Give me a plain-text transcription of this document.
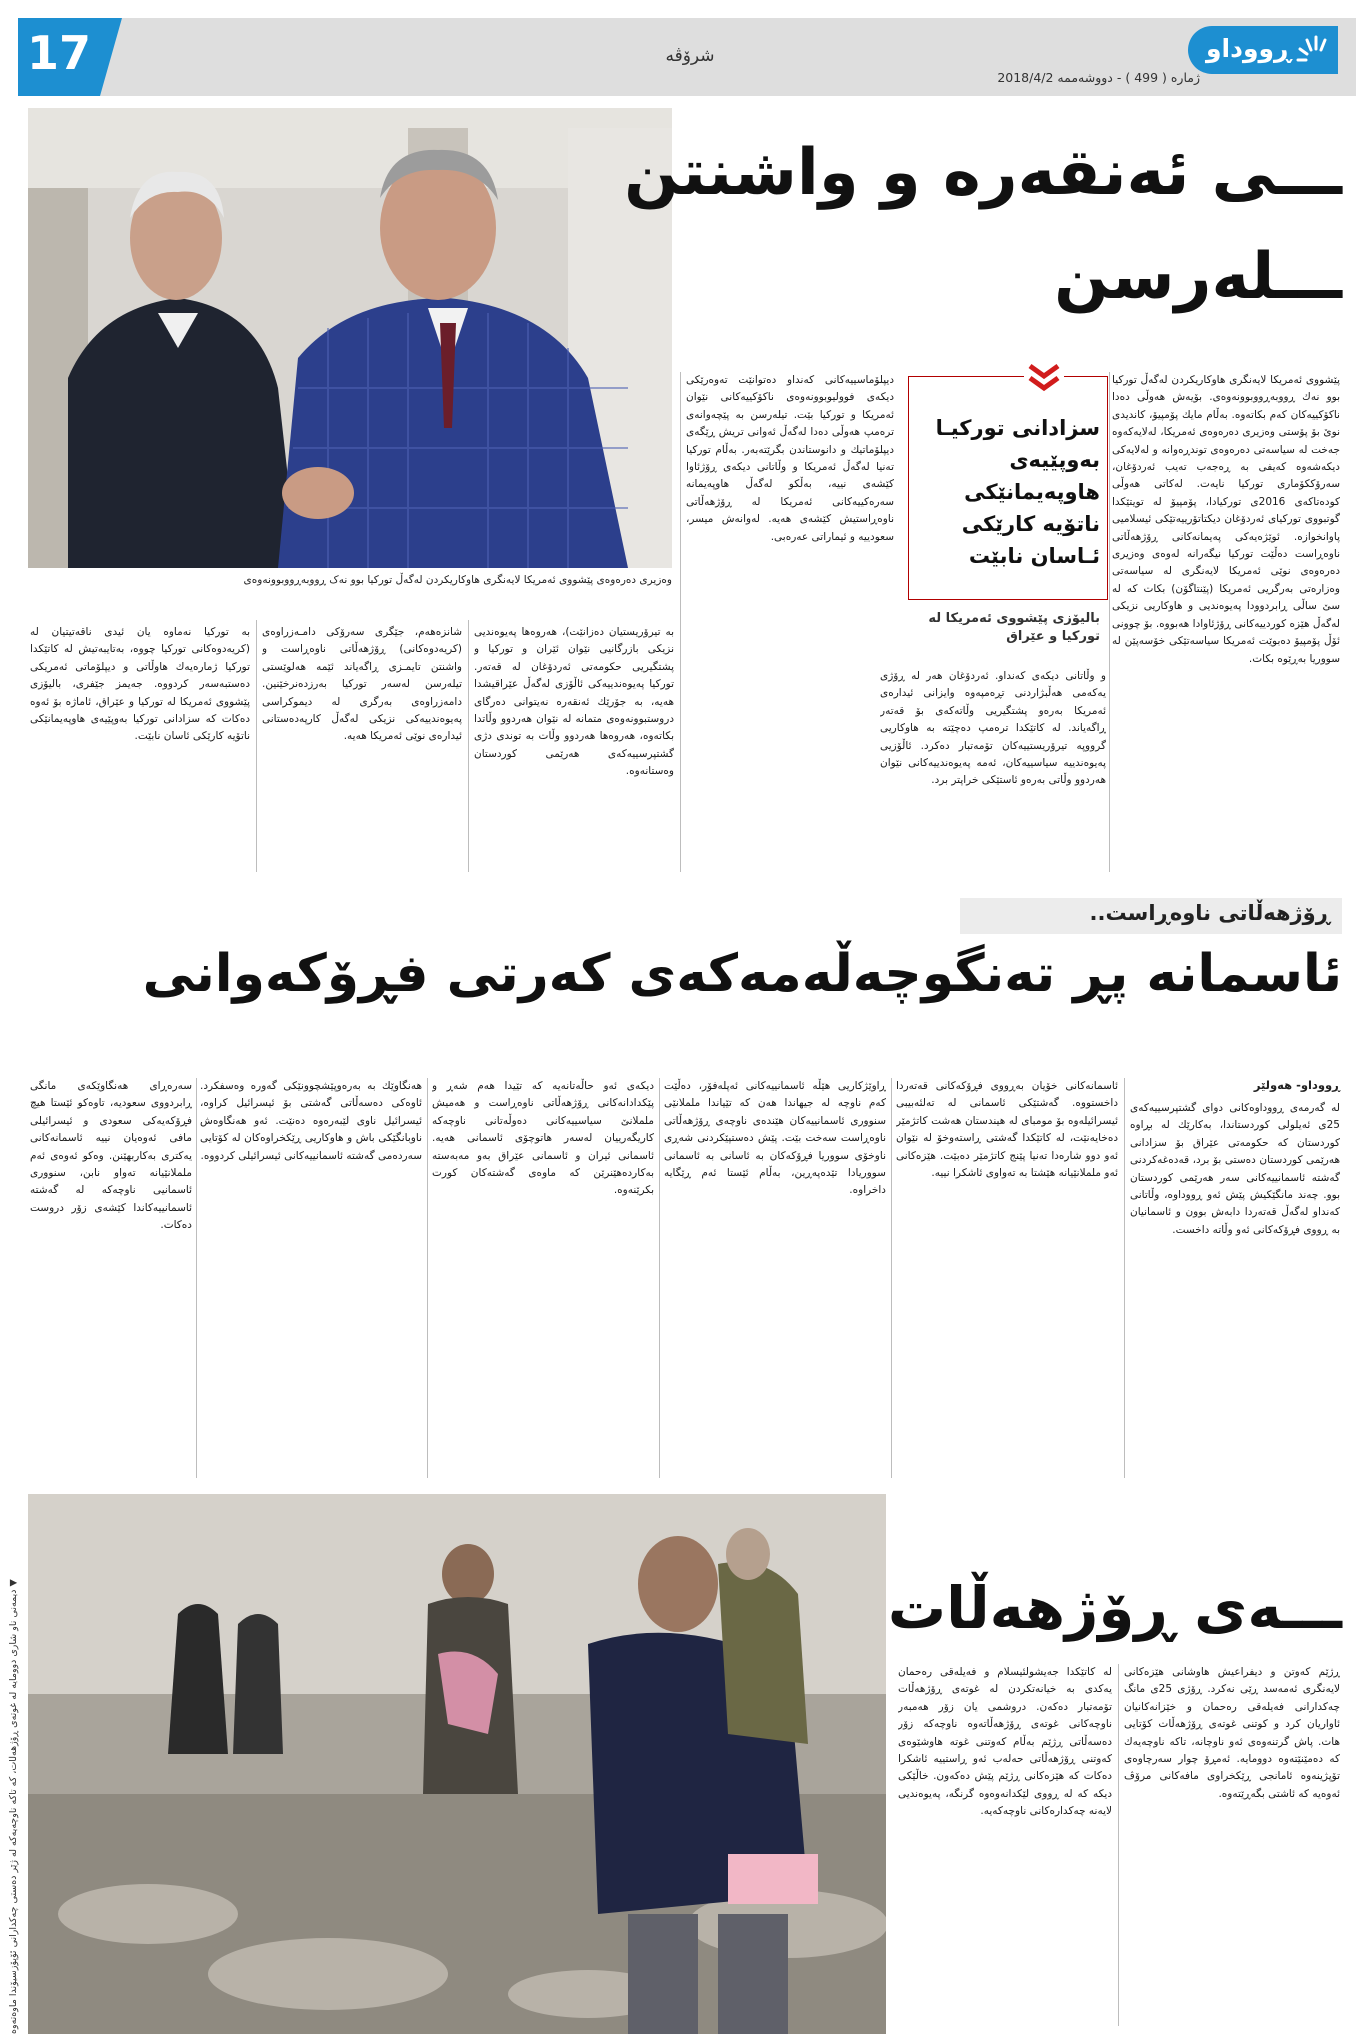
17	شرۆڤە
ژمارە ( 499 ) - دووشەممە 2018/4/2
ڕووداو
وەزیری دەرەوەی پێشووی ئەمریكا لایەنگری هاوكاریكردن لەگەڵ توركیا بوو نەک ڕووبەڕووبوونەوەی
ـــی ئەنقەرە و واشنتن
ـــلەرسن
پێشووی ئەمریكا لایەنگری هاوكاریكردن لەگەڵ توركیا بوو نەك ڕووبەڕووبوونەوەی. بۆیەش هەوڵی دەدا ناكۆكییەكان كەم بكاتەوە. بەڵام مایك پۆمپیۆ، كاندیدی نوێ بۆ پۆستی وەزیری دەرەوەی ئەمریكا، لەلایەكەوە جەخت لە سیاسەتی دەرەوەی توندڕەوانە و لەلایەكی دیكەشەوە كەیفی بە ڕەجەب تەیب ئەردۆغان، سەرۆككۆماری توركیا نایەت. لەكاتی هەوڵی كودەتاكەی 2016ی توركیادا، پۆمپیۆ لە تویتێكدا گوتبووی توركیای ئەردۆغان دیكتاتۆرییەتێكی ئیسلامیی پاوانخوازە. ئوێژەیەكی پەیمانەكانی ڕۆژهەڵاتی ناوەڕاست دەڵێت توركیا نیگەرانە لەوەی وەزیری دەرەوەی نوێی ئەمریكا لایەنگری لە سیاسەتی وەزارەتی بەرگریی ئەمریكا (پێنتاگۆن) بكات كە لە سێ ساڵی ڕابردوودا پەیوەندیی و هاوكاریی نزیكی لەگەڵ هێزە كوردییەكانی ڕۆژئاوادا هەبووە. بۆ چوونی ئۆڵ پۆمپیۆ دەبوێت ئەمریكا سیاسەتێكی خۆسەپێن لە سووریا بەڕێوە بكات.
سزادانی توركیـا
بەوپێیەی
هاوپەیمانێكی
ناتۆیە كارێكی
ئـاسان نابێت
بالیۆزی پێشووی ئەمریكا لە
توركیا و عێراق
و وڵاتانی دیكەی كەنداو. ئەردۆغان هەر لە ڕۆژی یەكەمی هەڵبژاردنی تڕەمپەوە وایزانی ئیدارەی ئەمریكا بەرەو پشتگیریی وڵاتەكەی بۆ قەتەر ڕاگەیاند. لە كاتێكدا ترەمپ دەچێتە بە هاوكاریی گرووپە تیرۆریستییەكان تۆمەتبار دەكرد. ئاڵۆزیی پەیوەندییە سیاسییەكان، ئەمە پەیوەندییەكانی نێوان هەردوو وڵاتی بەرەو ئاستێكی خراپتر برد.
دیپلۆماسییەكانی كەنداو دەتوانێت تەوەرێكی دیكەی فوولیوبوونەوەی ناكۆكییەكانی نێوان ئەمریكا و توركیا بێت. تیلەرسن بە پێچەوانەی ترەمپ هەوڵی دەدا لەگەڵ ئەوانی تریش ڕێگەی دیپلۆماتیك و دانوستاندن بگرێتەبەر. بەڵام توركیا تەنیا لەگەڵ ئەمریكا و وڵاتانی دیكەی ڕۆژئاوا كێشەی نییە، بەڵكو لەگەڵ هاوپەیمانە سەرەكییەكانی ئەمریكا لە ڕۆژهەڵاتی ناوەڕاستیش كێشەی هەیە. لەوانەش میسر، سعودییە و ئیماراتی عەرەبی.
بە تیرۆریستیان دەزانێت)، هەروەها پەیوەندیی نزیكی بازرگانیی نێوان ئێران و توركیا و پشتگیریی حكومەتی ئەردۆغان لە قەتەر. توركیا پەیوەندییەكی ئاڵۆزی لەگەڵ عێراقیشدا هەیە، بە جۆرێك ئەنقەرە نەیتوانی دەرگای دروستبوونەوەی متمانە لە نێوان هەردوو وڵاتدا بكاتەوە، هەروەها هەردوو وڵات بە توندی دژی گشتپرسییەكەی هەرێمی كوردستان وەستانەوە.
شانزەهەم، جێگری سەرۆكی دامـەزراوەی (كریەدوەكانی) ڕۆژهەڵاتی ناوەڕاست و واشنتن تایمـزی ڕاگەیاند ئێمە هەلوێستی تیلەرسن لەسەر توركیا بەرزدەنرخێنین. دامەزراوەی بەرگری لە دیموكراسی پەیوەندییەكی نزیكی لەگەڵ كارپەدەستانی ئیدارەی نوێی ئەمریكا هەیە.
بە توركیا نەماوە یان ئیدی ناقەتیتیان لە (كریەدوەكانی توركیا چووە، بەتایبەتیش لە كاتێكدا توركیا ژمارەیەك هاوڵاتی و دیپلۆماتی ئەمریكی دەستبەسەر كردووە. جەیمز جێفری، بالیۆزی پێشووی ئەمریكا لە توركیا و عێراق، ئاماژە بۆ ئەوە دەكات كە سزادانی توركیا بەوپێیەی هاوپەیمانێكی ناتۆیە كارێكی ئاسان نابێت.
ڕۆژهەڵاتی ناوەڕاست..
ئاسمانە پڕ تەنگوچەڵەمەكەی كەرتی فڕۆكەوانی
ڕووداو- هەولێر
لە گەرمەی ڕووداوەكانی دوای گشتپرسییەكەی 25ی ئەیلولی كوردستاندا، بەكارێك لە بڕاوە كوردستان كە حكومەتی عێراق بۆ سزادانی هەرێمی كوردستان دەستی بۆ برد، قەدەغەكردنی گەشتە ئاسمانییەكانی سەر هەرێمی كوردستان بوو. چەند مانگێكیش پێش ئەو ڕووداوە، وڵاتانی كەنداو لەگەڵ قەتەردا دابەش بوون و ئاسمانیان بە ڕووی فڕۆكەكانی ئەو وڵاتە داخست.
ئاسمانەكانی خۆیان بەڕووی فڕۆكەكانی قەتەردا داخستووە. گەشتێكی ئاسمانی لە تەلئەبیبی ئیسرائیلەوە بۆ مومبای لە هیندستان هەشت كاتژمێر دەخایەنێت، لە كاتێكدا گەشتی ڕاستەوخۆ لە نێوان ئەو دوو شارەدا تەنیا پێنج كاتژمێر دەبێت. هێزەكانی ئەو ململانێیانە هێشتا بە تەواوی ئاشكرا نییە.
ڕاوێژكاریی هێڵە ئاسمانییەكانی ئەپلەفۆر، دەڵێت كەم ناوچە لە جیهاندا هەن كە تێیاندا ململانێی سنووری ئاسمانییەكان هێندەی ناوچەی ڕۆژهەڵاتی ناوەڕاست سەخت بێت. پێش دەستپێكردنی شەڕی ناوخۆی سووریا فڕۆكەكان بە ئاسانی بە ئاسمانی سووریادا تێدەپەڕین، بەڵام ئێستا ئەم ڕێگایە داخراوە.
دیكەی ئەو حاڵەتانەیە كە تێیدا هەم شەڕ و پێكدادانەكانی ڕۆژهەڵاتی ناوەڕاست و هەمیش ململانێ سیاسییەكانی دەوڵەتانی ناوچەكە كاریگەرییان لەسەر هاتوچۆی ئاسمانی هەیە. ئاسمانی ئیران و ئاسمانی عێراق بەو مەبەستە بەكاردەهێنرێن كە ماوەی گەشتەكان كورت بكرێنەوە.
هەنگاوێك بە بەرەوپێشچوونێكی گەورە وەسفكرد. ئاوەكی دەسەڵاتی گەشتی بۆ ئیسرائیل كراوە، ئیسرائیل ناوی لێبەرەوە دەنێت. ئەو هەنگاوەش ناوبانگێكی باش و هاوكاریی ڕێكخراوەكان لە كۆتایی سەردەمی گەشتە ئاسمانییەكانی ئیسرائیلی كردووە.
سەرەڕای هەنگاوێكەی مانگی ڕابردووی سعودیە، تاوەكو ئێستا هیچ فڕۆكەیەكی سعودی و ئیسرائیلی مافی ئەوەیان نییە ئاسمانەكانی یەكتری بەكاربهێنن. وەكو ئەوەی ئەم ململانێیانە تەواو نابن، سنووری ئاسمانیی ناوچەكە لە گەشتە ئاسمانییەكاندا كێشەی زۆر دروست دەكات.
ـــەی ڕۆژهەڵات
ڕژێم كەوتن و دیفراعیش هاوشانی هێزەكانی لایەنگری ئەمەسد ڕێی نەكرد. ڕۆژی 25ی مانگ چەكدارانی فەیلەقی رەحمان و خێزانەكانیان ئاواریان كرد و كوتنی غوتەی ڕۆژهەڵات كۆتایی هات. پاش گرتنەوەی ئەو ناوچانە، تاكە ناوچەیەك كە دەمێنێتەوە دوومایە. ئەمڕۆ چوار سەرچاوەی تۆپژینەوە ئامانجی ڕێكخراوی مافەكانی مرۆڤ ئەوەیە كە ئاشتی بگەڕێتەوە.
لە كاتێكدا جەیشولئیسلام و فەیلەقی رەحمان یەكدی بە خیانەتكردن لە غوتەی ڕۆژهەڵات تۆمەتبار دەكەن. دروشمی یان زۆر هەمبەر ناوچەكانی غوتەی ڕۆژهەڵاتەوە ناوچەكە زۆر دەسەڵاتی ڕژێم بەڵام كەوتنی غوتە هاوشێوەی كەوتنی ڕۆژهەڵاتی حەلەب ئەو ڕاستییە ئاشكرا دەكات كە هێزەكانی ڕژێم پێش دەكەون. خاڵێكی دیكە كە لە ڕووی لێكدانەوەوە گرنگە، پەیوەندیی لایەنە چەكدارەكانی ناوچەكەیە.
▼ دیمەنی ناو شاری دوومایە لە غوتەی ڕۆژهەڵات، كە تاكە ناوچەیەكە لە ژێر دەستی چەكدارانی ئۆپۆزسیۆندا ماوەتەوە
